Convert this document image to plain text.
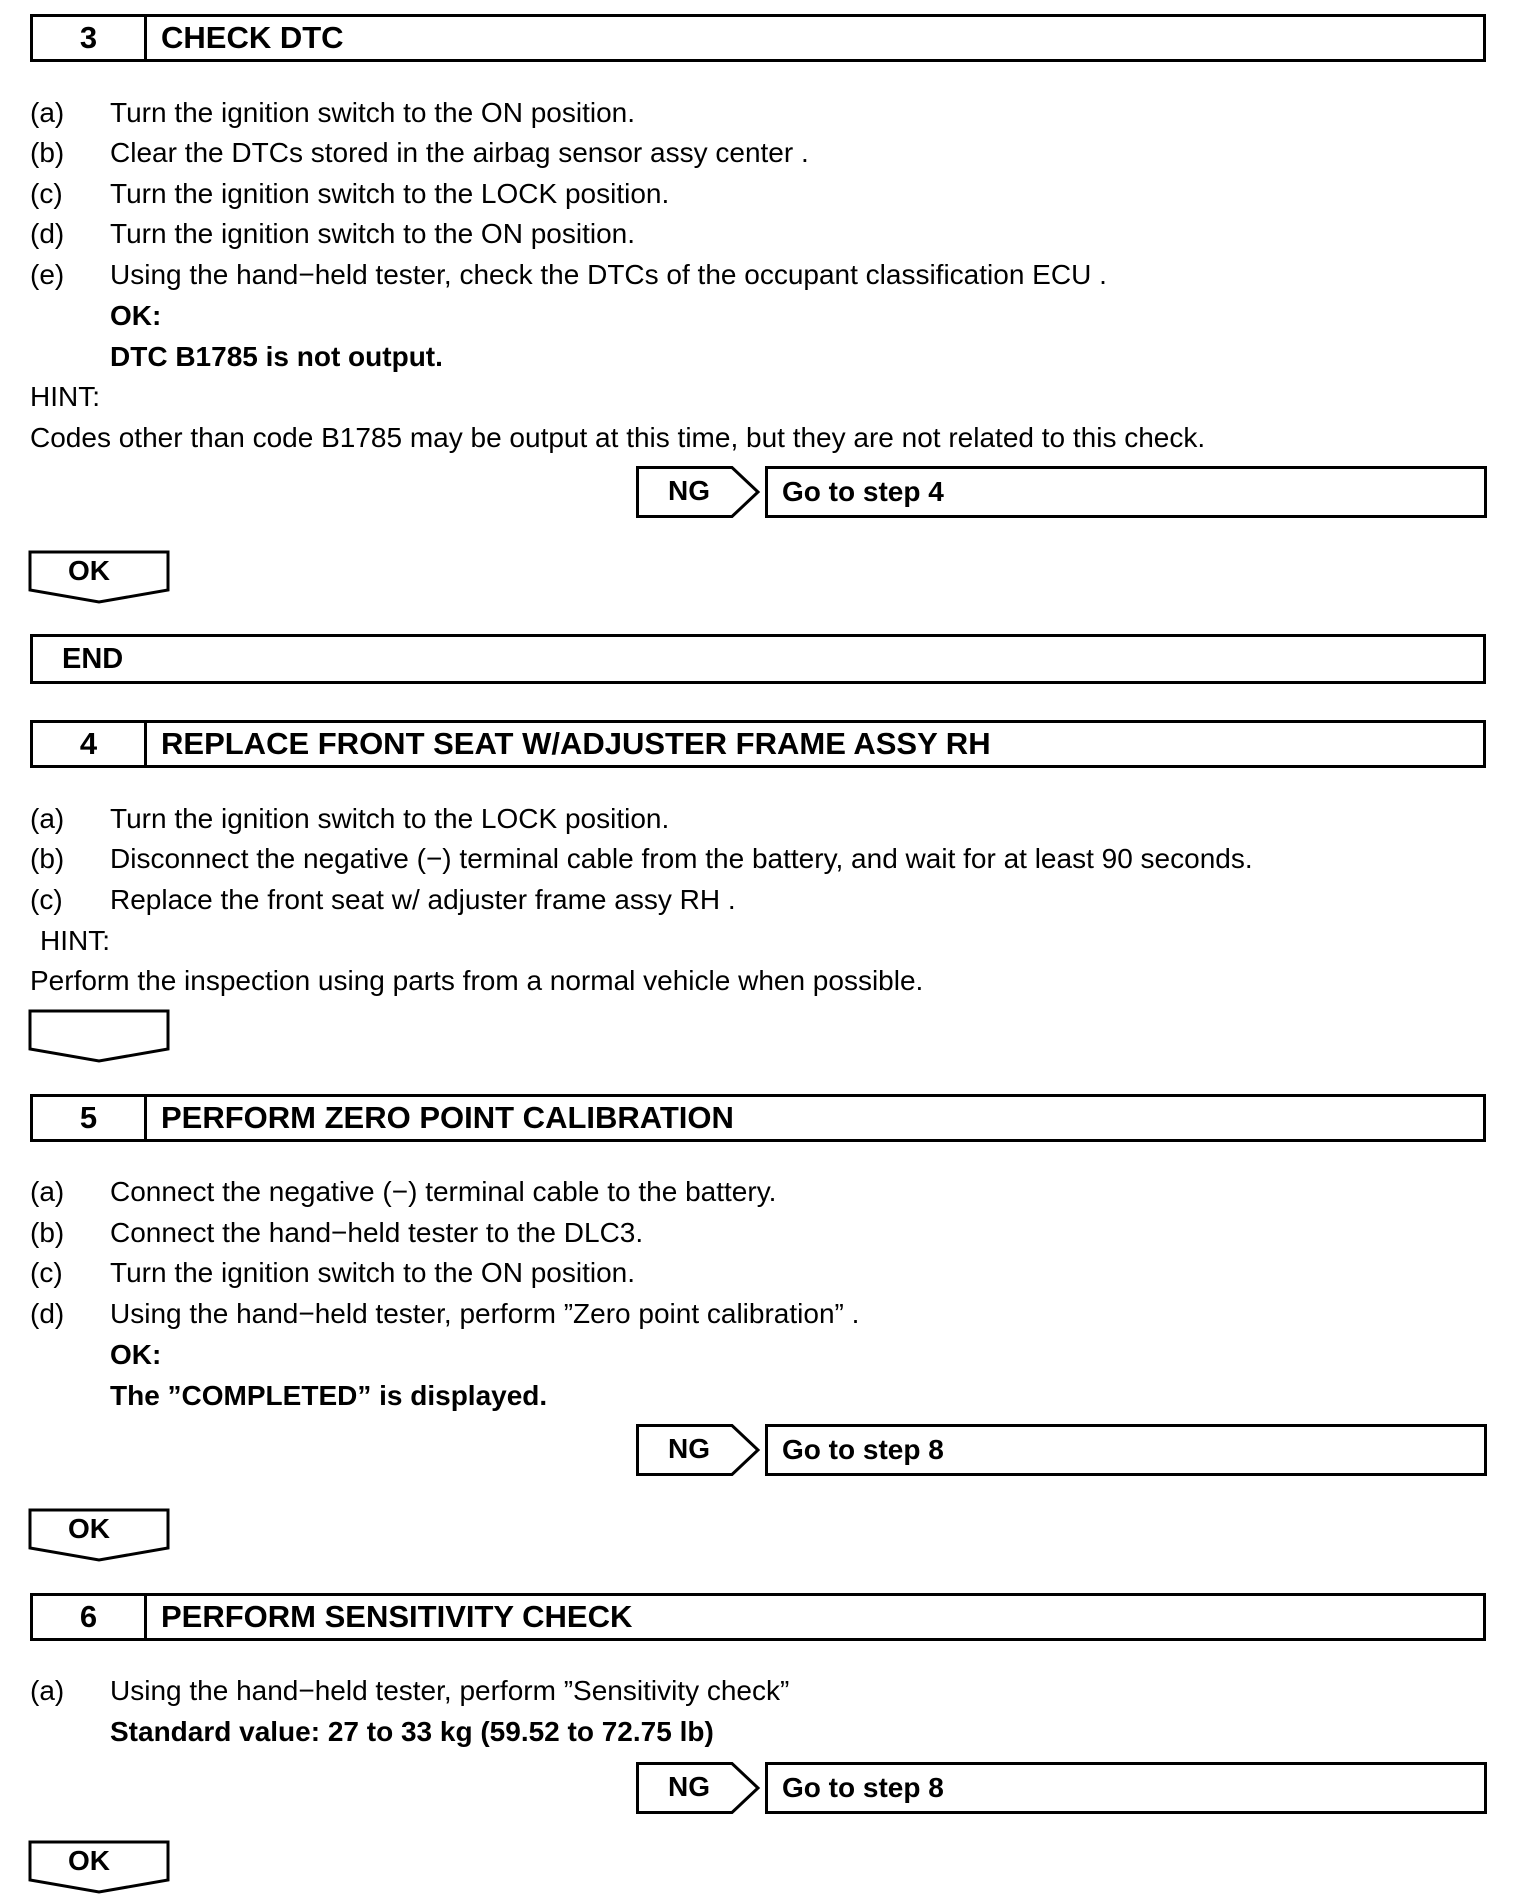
3	CHECK DTC
(a) Turn the ignition switch to the ON position.
(b) Clear the DTCs stored in the airbag sensor assy center .
(c) Turn the ignition switch to the LOCK position.
(d) Turn the ignition switch to the ON position.
(e) Using the hand−held tester, check the DTCs of the occupant classification ECU .
OK:
DTC B1785 is not output.
HINT:
Codes other than code B1785 may be output at this time, but they are not related to this check.
NG	Go to step 4
OK
END
4	REPLACE FRONT SEAT W/ADJUSTER FRAME ASSY RH
(a) Turn the ignition switch to the LOCK position.
(b) Disconnect the negative (−) terminal cable from the battery, and wait for at least 90 seconds.
(c) Replace the front seat w/ adjuster frame assy RH .
HINT:
Perform the inspection using parts from a normal vehicle when possible.
5	PERFORM ZERO POINT CALIBRATION
(a) Connect the negative (−) terminal cable to the battery.
(b) Connect the hand−held tester to the DLC3.
(c) Turn the ignition switch to the ON position.
(d) Using the hand−held tester, perform ”Zero point calibration” .
OK:
The ”COMPLETED” is displayed.
NG	Go to step 8
OK
6	PERFORM SENSITIVITY CHECK
(a) Using the hand−held tester, perform ”Sensitivity check”
Standard value: 27 to 33 kg (59.52 to 72.75 lb)
NG	Go to step 8
OK
